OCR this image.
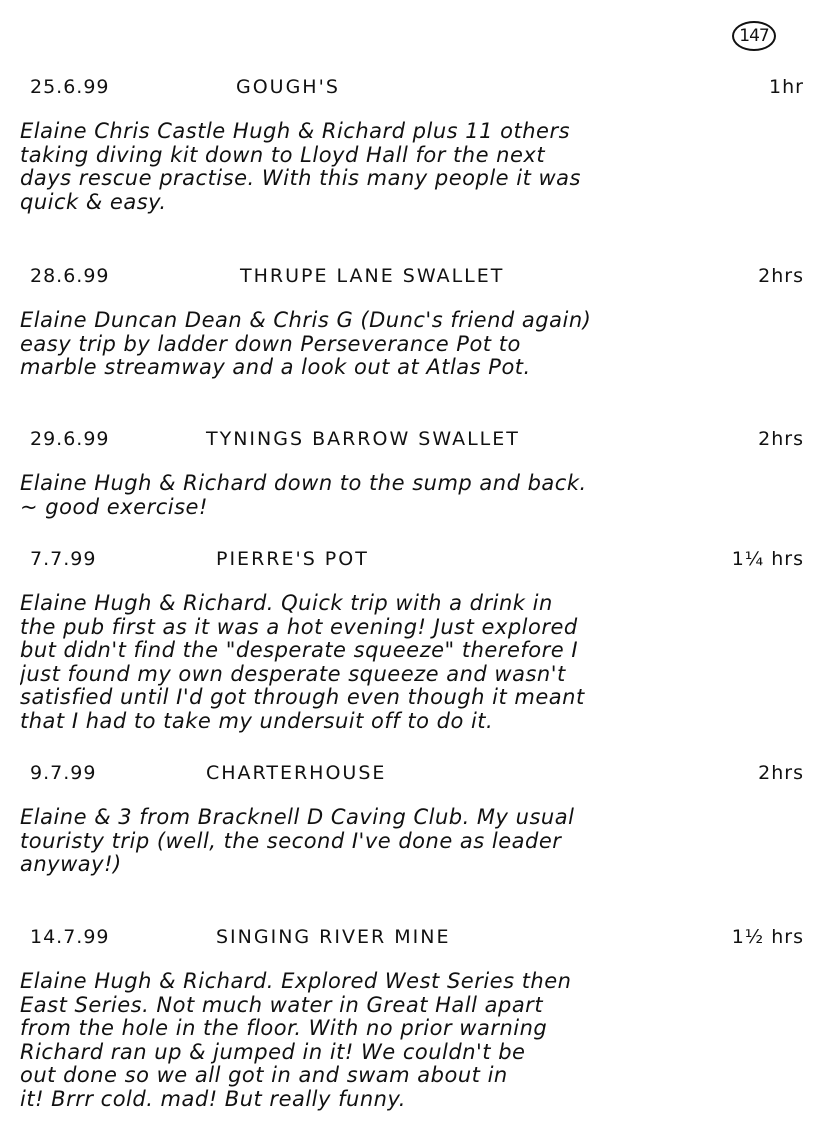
147
25.6.99	GOUGH'S	1hr
Elaine Chris Castle Hugh & Richard plus 11 others
taking diving kit down to Lloyd Hall for the next
days rescue practise. With this many people it was
quick & easy.
28.6.99	THRUPE LANE SWALLET	2hrs
Elaine Duncan Dean & Chris G (Dunc's friend again)
easy trip by ladder down Perseverance Pot to
marble streamway and a look out at Atlas Pot.
29.6.99	TYNINGS BARROW SWALLET	2hrs
Elaine Hugh & Richard down to the sump and back.
~ good exercise!
7.7.99	PIERRE'S POT	1¼ hrs
Elaine Hugh & Richard. Quick trip with a drink in
the pub first as it was a hot evening! Just explored
but didn't find the "desperate squeeze" therefore I
just found my own desperate squeeze and wasn't
satisfied until I'd got through even though it meant
that I had to take my undersuit off to do it.
9.7.99	CHARTERHOUSE	2hrs
Elaine & 3 from Bracknell D Caving Club. My usual
touristy trip (well, the second I've done as leader
anyway!)
14.7.99	SINGING RIVER MINE	1½ hrs
Elaine Hugh & Richard. Explored West Series then
East Series. Not much water in Great Hall apart
from the hole in the floor. With no prior warning
Richard ran up & jumped in it! We couldn't be
out done so we all got in and swam about in
it! Brrr cold. mad! But really funny.
